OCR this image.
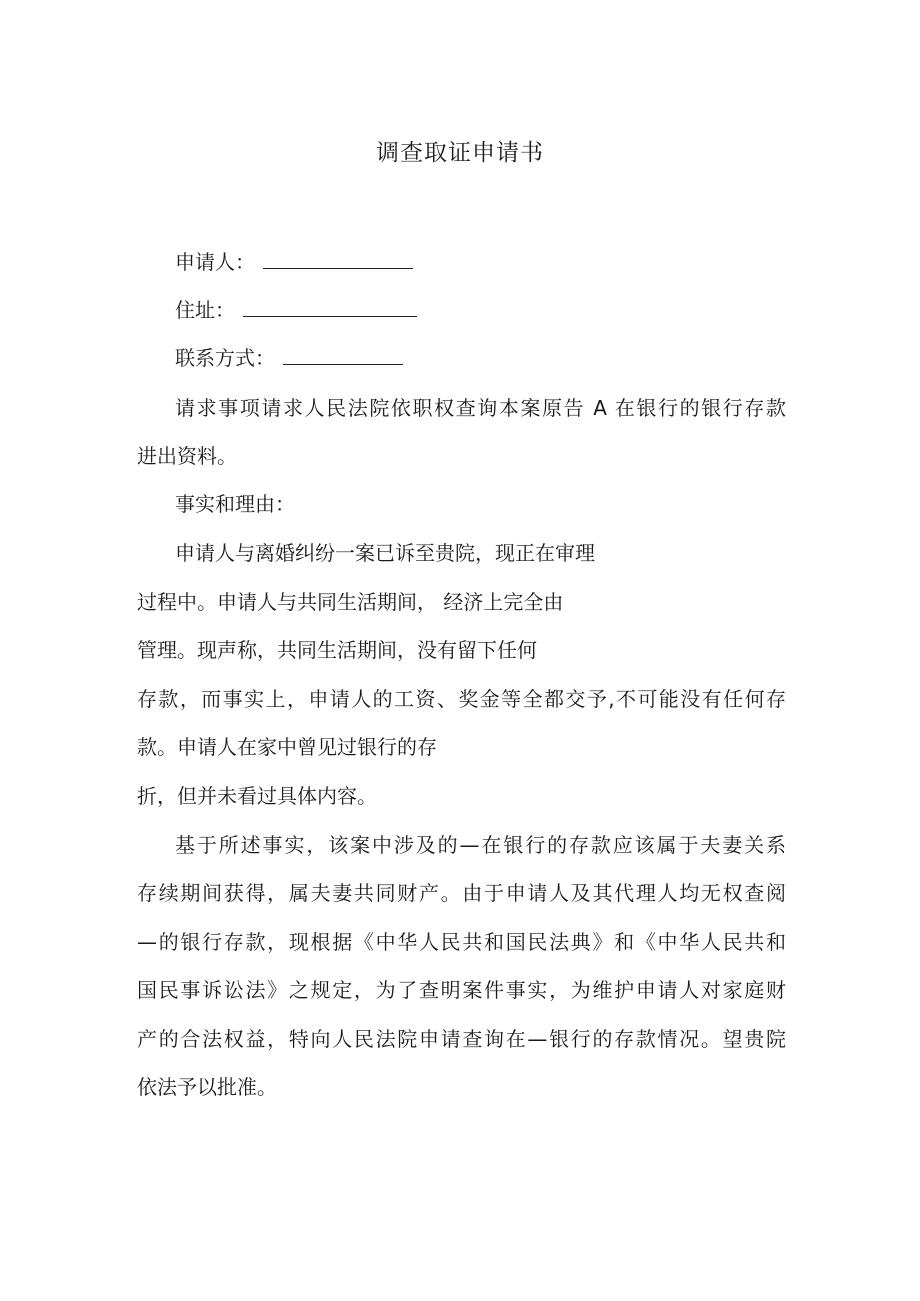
调查取证申请书
申请人：
住址：
联系方式：
请求事项请求人民法院依职权查询本案原告 A 在银行的银行存款
进出资料。
事实和理由：
申请人与离婚纠纷一案已诉至贵院，现正在审理
过程中。申请人与共同生活期间， 经济上完全由
管理。现声称，共同生活期间，没有留下任何
存款，而事实上，申请人的工资、奖金等全都交予,不可能没有任何存
款。申请人在家中曾见过银行的存
折，但并未看过具体内容。
基于所述事实，该案中涉及的—在银行的存款应该属于夫妻关系
存续期间获得，属夫妻共同财产。由于申请人及其代理人均无权查阅
—的银行存款，现根据《中华人民共和国民法典》和《中华人民共和
国民事诉讼法》之规定，为了查明案件事实，为维护申请人对家庭财
产的合法权益，特向人民法院申请查询在—银行的存款情况。望贵院
依法予以批准。
